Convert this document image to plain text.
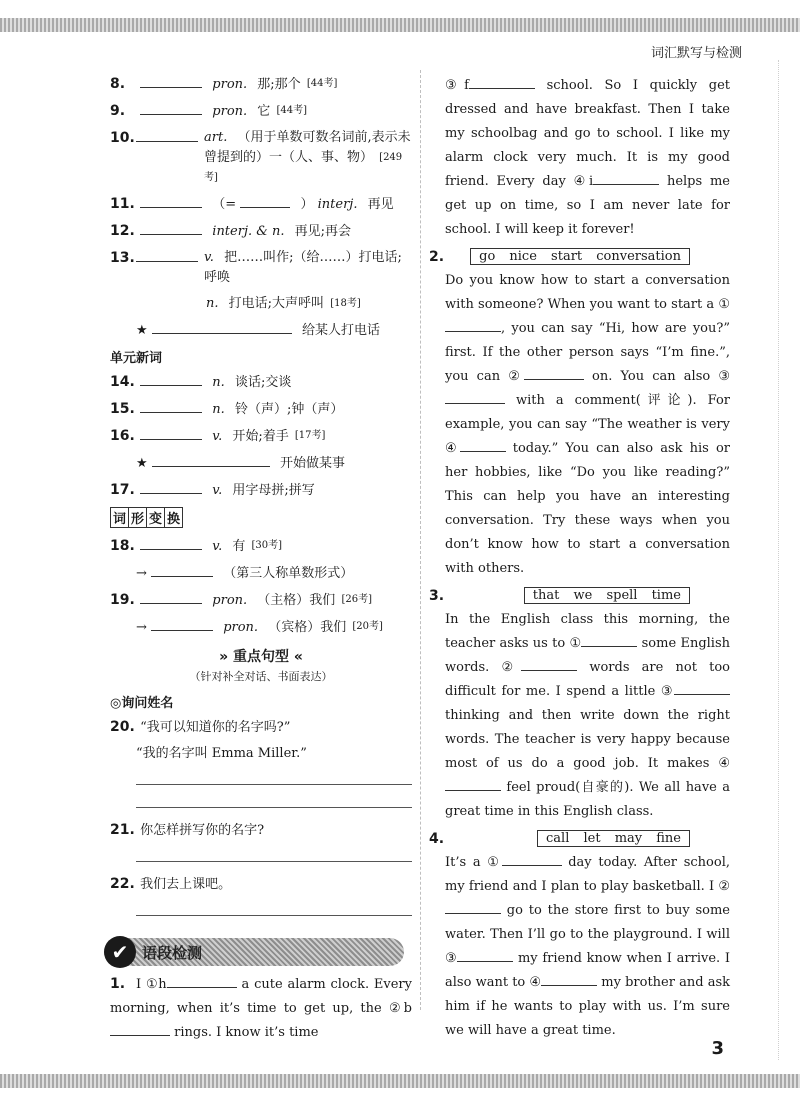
词汇默写与检测
8.	pron. 那;那个 [44考]
9.	pron. 它 [44考]
10.	art. （用于单数可数名词前,表示未曾提到的）一（人、事、物） [249考]
11.	（=	） interj. 再见
12.	interj. & n. 再见;再会
13.	v. 把……叫作;（给……）打电话;呼唤
n. 打电话;大声呼叫 [18考]
★	给某人打电话
单元新词
14.	n. 谈话;交谈
15.	n. 铃（声）;钟（声）
16.	v. 开始;着手 [17考]
★	开始做某事
17.	v. 用字母拼;拼写
词 形 变 换
18.	v. 有 [30考]
→	（第三人称单数形式）
19.	pron. （主格）我们 [26考]
→	pron. （宾格）我们 [20考]
» 重点句型 «
（针对补全对话、书面表达）
◎询问姓名
20. “我可以知道你的名字吗?”
“我的名字叫 Emma Miller.”
21. 你怎样拼写你的名字?
22. 我们去上课吧。
✔ 语段检测
1. I ①h	a cute alarm clock. Every morning, when it’s time to get up, the ②b rings. I know it’s time
③f	school. So I quickly get dressed and have breakfast. Then I take my schoolbag and go to school. I like my alarm clock very much. It is my good friend. Every day ④i	helps me get up on time, so I am never late for school. I will keep it forever!
2.	go nice start conversation
Do you know how to start a conversation with someone? When you want to start a ①, you can say “Hi, how are you?” first. If the other person says “I’m fine.”, you can ②	on. You can also ③ with a comment(评论). For example, you can say “The weather is very ④	today.” You can also ask his or her hobbies, like “Do you like reading?” This can help you have an interesting conversation. Try these ways when you don’t know how to start a conversation with others.
3.	that we spell time
In the English class this morning, the teacher asks us to ①	some English words. ②	words are not too difficult for me. I spend a little ③ thinking and then write down the right words. The teacher is very happy because most of us do a good job. It makes ④ feel proud(自豪的). We all have a great time in this English class.
4.	call let may fine
It’s a ①	day today. After school, my friend and I plan to play basketball. I ② go to the store first to buy some water. Then I’ll go to the playground. I will ③	my friend know when I arrive. I also want to ④	my brother and ask him if he wants to play with us. I’m sure we will have a great time.
3
